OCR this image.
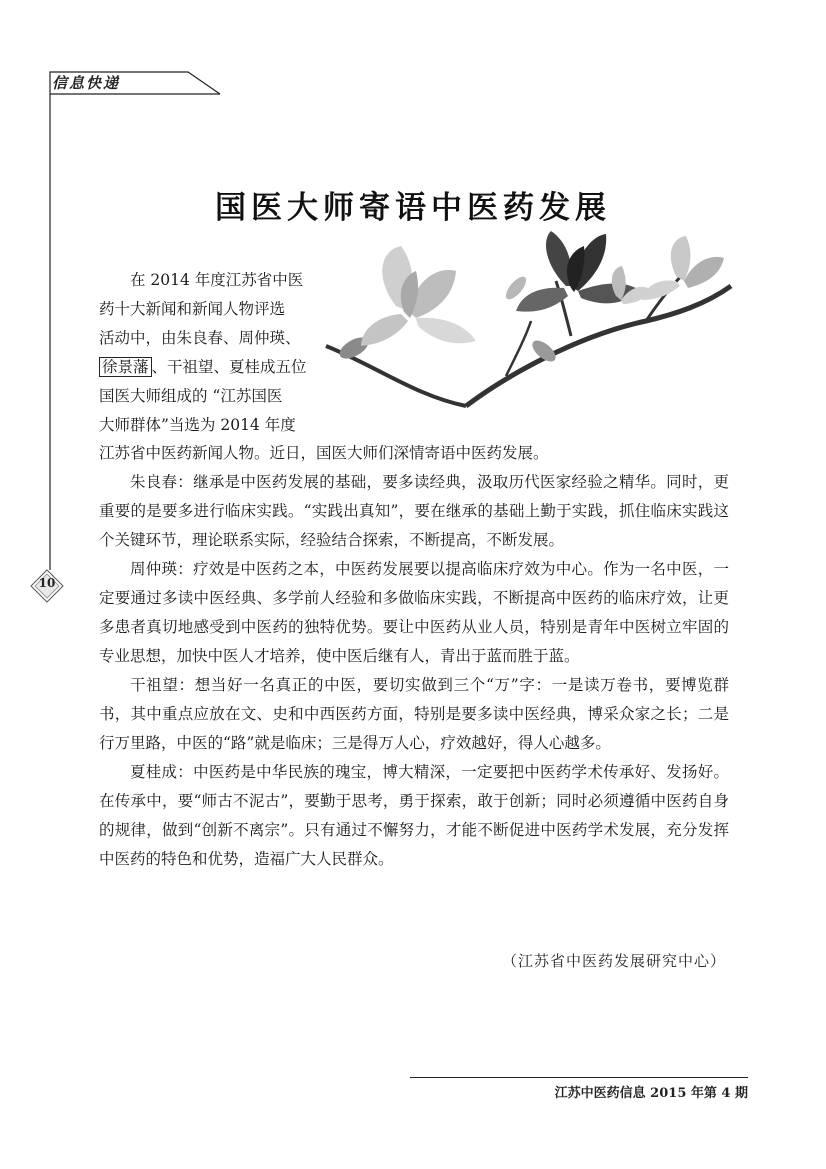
信息快递
国医大师寄语中医药发展
10

在 2014 年度江苏省中医

药十大新闻和新闻人物评选

活动中，由朱良春、周仲瑛、

徐景藩 、干祖望、夏桂成五位

国医大师组成的 “江苏国医

大师群体”当选为 2014 年度

江苏省中医药新闻人物。近日，国医大师们深情寄语中医药发展。

朱良春：继承是中医药发展的基础，要多读经典，汲取历代医家经验之精华。同时，更重要的是要多进行临床实践。“实践出真知”，要在继承的基础上勤于实践，抓住临床实践这个关键环节，理论联系实际，经验结合探索，不断提高，不断发展。

周仲瑛：疗效是中医药之本，中医药发展要以提高临床疗效为中心。作为一名中医，一定要通过多读中医经典、多学前人经验和多做临床实践，不断提高中医药的临床疗效，让更多患者真切地感受到中医药的独特优势。要让中医药从业人员，特别是青年中医树立牢固的专业思想，加快中医人才培养，使中医后继有人，青出于蓝而胜于蓝。

干祖望：想当好一名真正的中医，要切实做到三个“万”字：一是读万卷书，要博览群书，其中重点应放在文、史和中西医药方面，特别是要多读中医经典，博采众家之长；二是行万里路，中医的“路”就是临床；三是得万人心，疗效越好，得人心越多。

夏桂成：中医药是中华民族的瑰宝，博大精深，一定要把中医药学术传承好、发扬好。在传承中，要“师古不泥古”，要勤于思考，勇于探索，敢于创新；同时必须遵循中医药自身的规律，做到“创新不离宗”。只有通过不懈努力，才能不断促进中医药学术发展，充分发挥中医药的特色和优势，造福广大人民群众。

（江苏省中医药发展研究中心）
江苏中医药信息 2015 年第 4 期
